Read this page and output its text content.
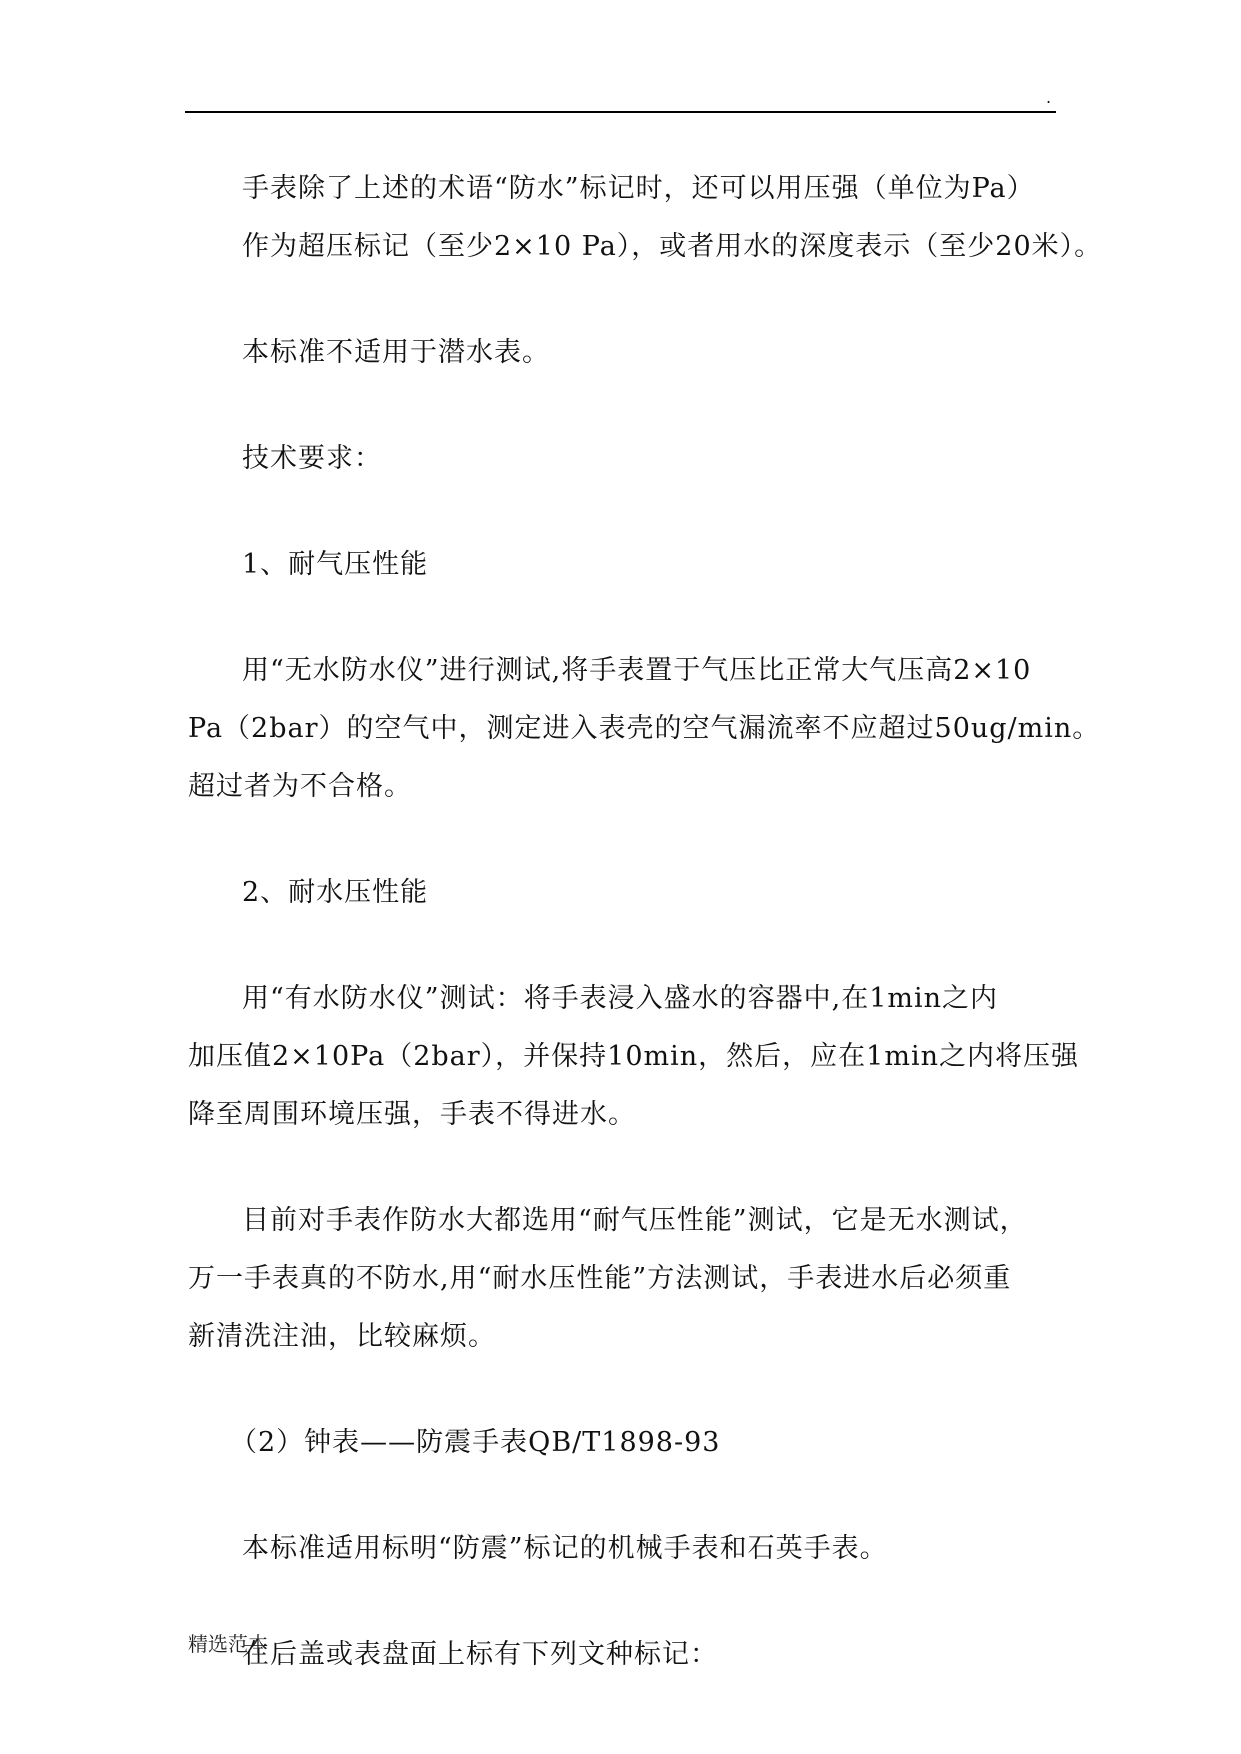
.

手表除了上述的术语“防水”标记时，还可以用压强（单位为Pa）
作为超压标记（至少2×10 Pa），或者用水的深度表示（至少20米）。

本标准不适用于潜水表。

技术要求：

1、耐气压性能

用“无水防水仪”进行测试,将手表置于气压比正常大气压高2×10
Pa（2bar）的空气中，测定进入表壳的空气漏流率不应超过50ug/min。
超过者为不合格。

2、耐水压性能

用“有水防水仪”测试：将手表浸入盛水的容器中,在1min之内
加压值2×10Pa（2bar），并保持10min，然后，应在1min之内将压强
降至周围环境压强，手表不得进水。

目前对手表作防水大都选用“耐气压性能”测试，它是无水测试，
万一手表真的不防水,用“耐水压性能”方法测试，手表进水后必须重
新清洗注油，比较麻烦。

（2）钟表——防震手表QB/T1898-93

本标准适用标明“防震”标记的机械手表和石英手表。

在后盖或表盘面上标有下列文种标记：

精选范本
